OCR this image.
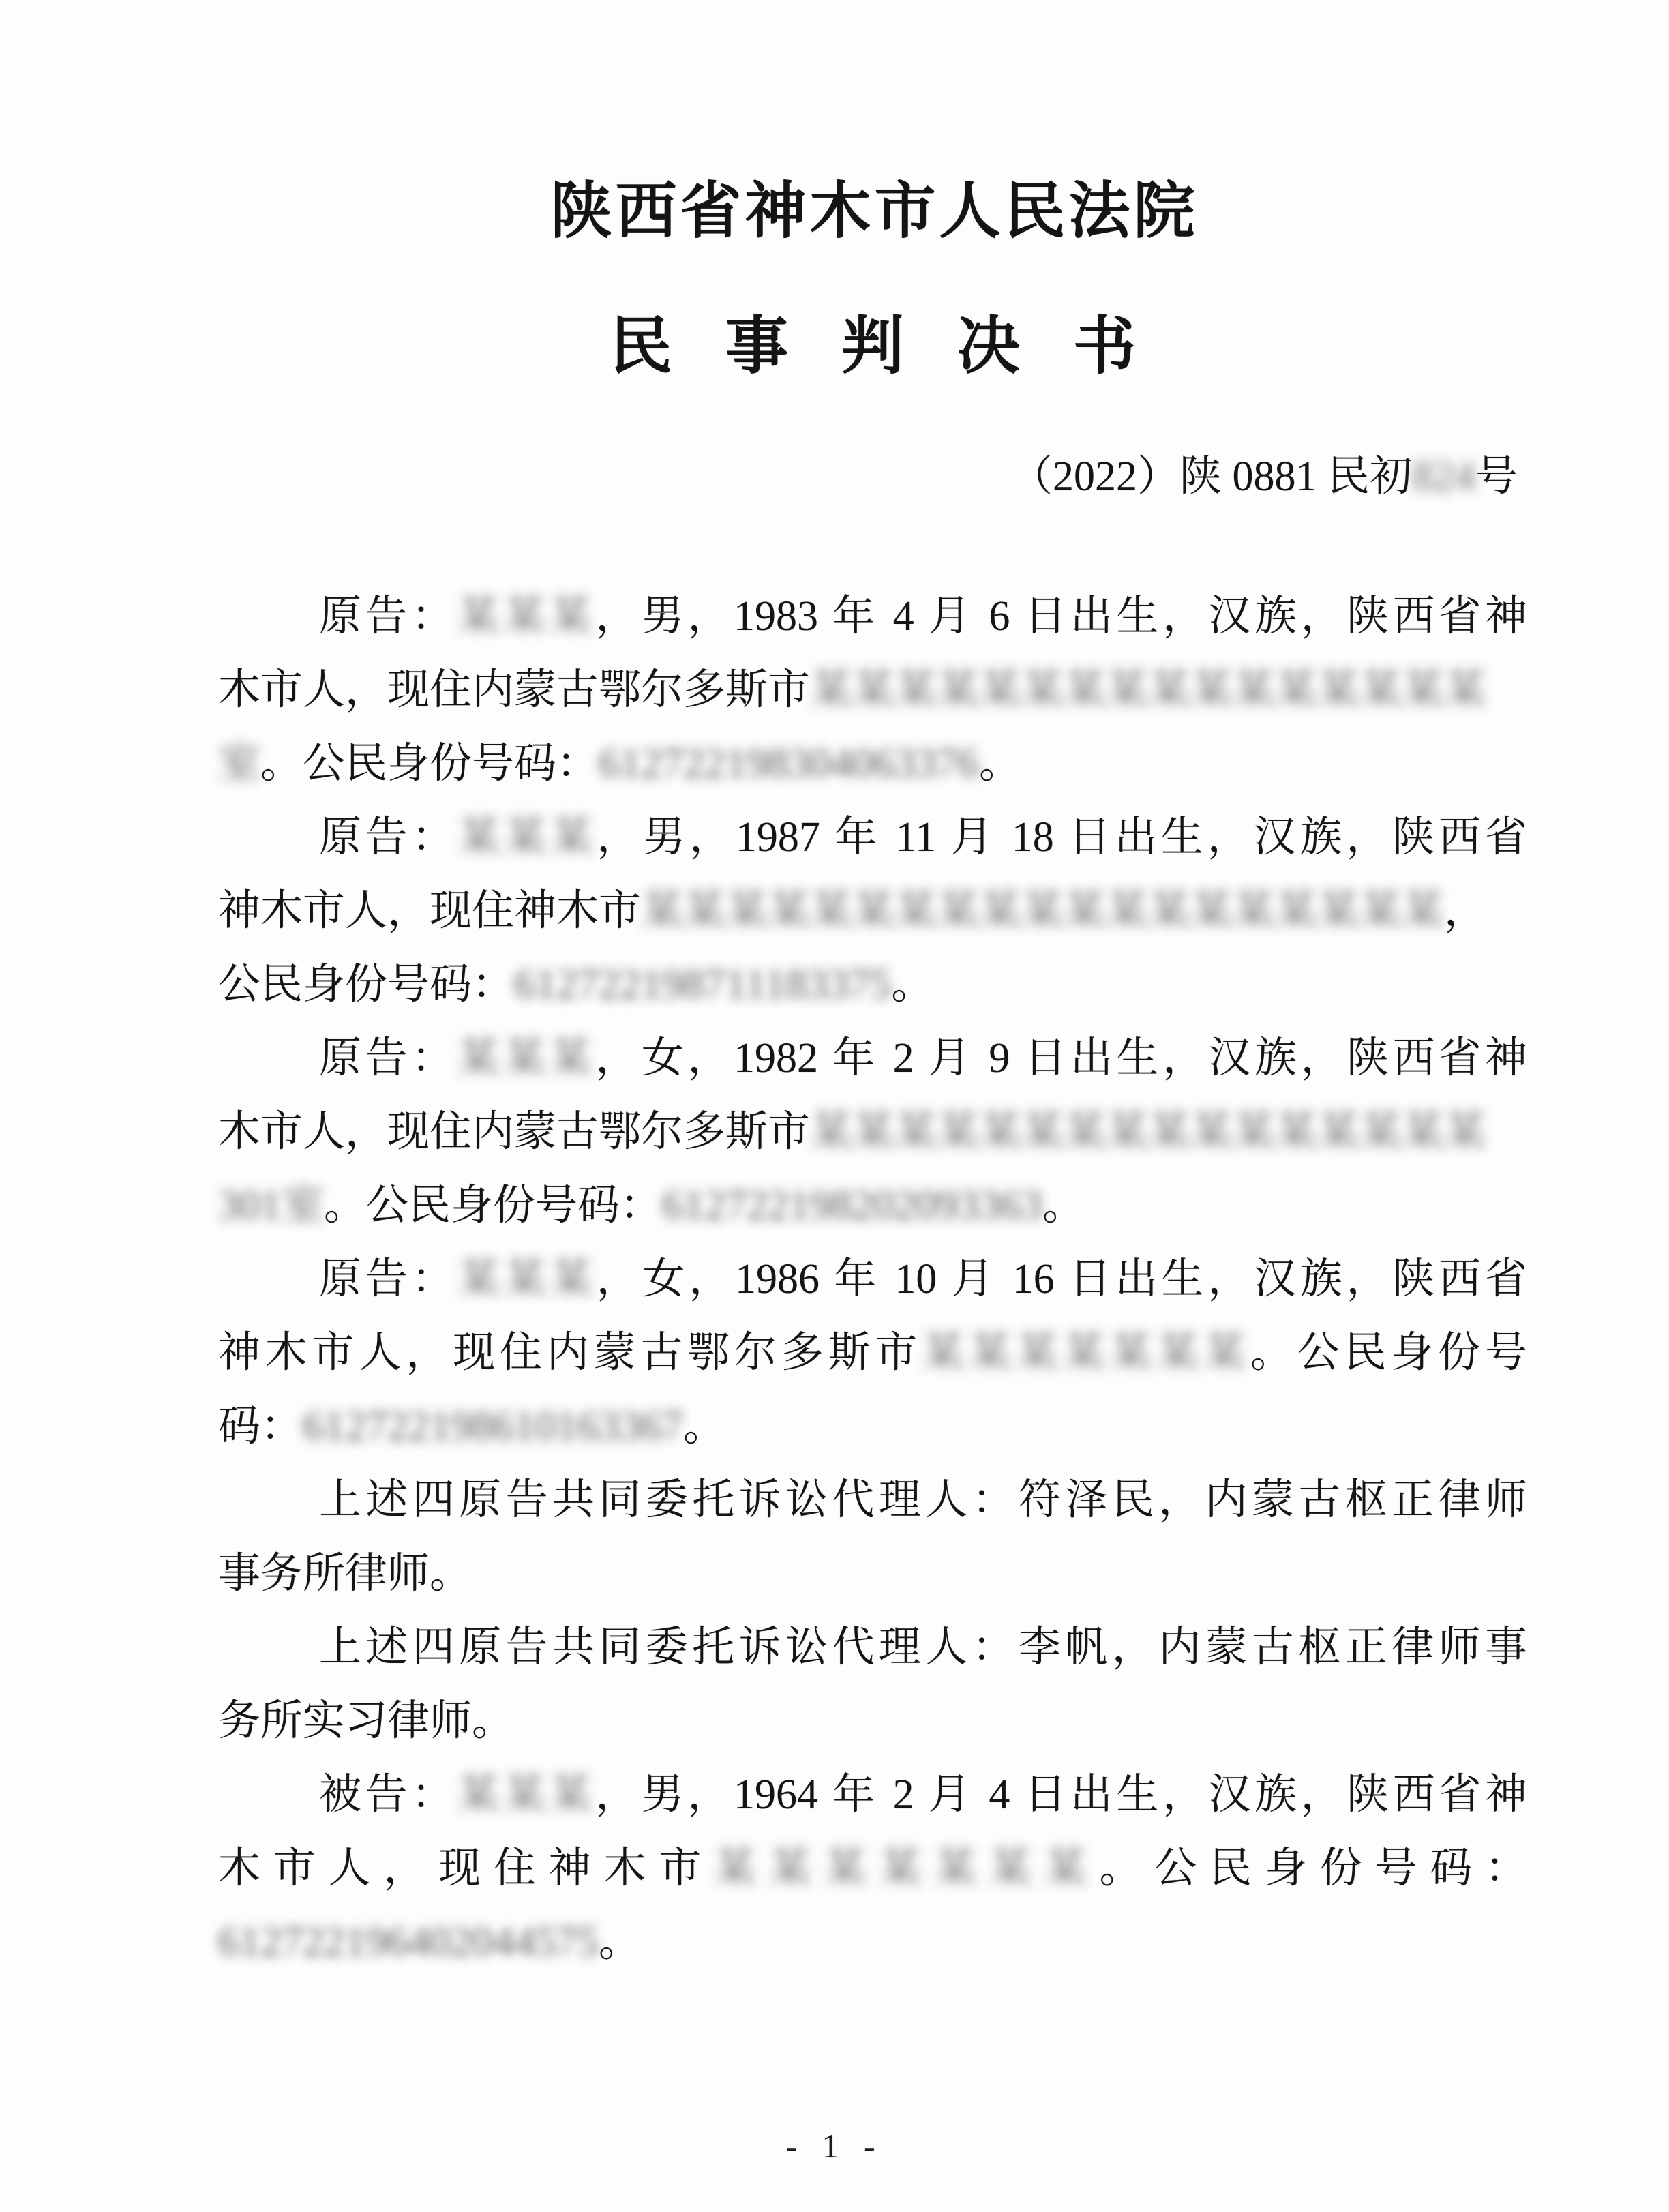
陕西省神木市人民法院
民事判决书
（2022）陕 0881 民初824号
原告：某某某，男，1983 年 4 月 6 日出生，汉族，陕西省神
木市人，现住内蒙古鄂尔多斯市某某某某某某某某某某某某某某某某
室。公民身份号码：612722198304063376。
原告：某某某，男，1987 年 11 月 18 日出生，汉族，陕西省
神木市人，现住神木市某某某某某某某某某某某某某某某某某某某，
公民身份号码：612722198711183375。
原告：某某某，女，1982 年 2 月 9 日出生，汉族，陕西省神
木市人，现住内蒙古鄂尔多斯市某某某某某某某某某某某某某某某某
301室。公民身份号码：612722198202093363。
原告：某某某，女，1986 年 10 月 16 日出生，汉族，陕西省
神木市人，现住内蒙古鄂尔多斯市某某某某某某某。公民身份号
码：612722198610163367。
上述四原告共同委托诉讼代理人：符泽民，内蒙古枢正律师
事务所律师。
上述四原告共同委托诉讼代理人：李帆，内蒙古枢正律师事
务所实习律师。
被告：某某某，男，1964 年 2 月 4 日出生，汉族，陕西省神
木市人，现住神木市某某某某某某某。公民身份号码：
612722196402044575。
- 1 -
